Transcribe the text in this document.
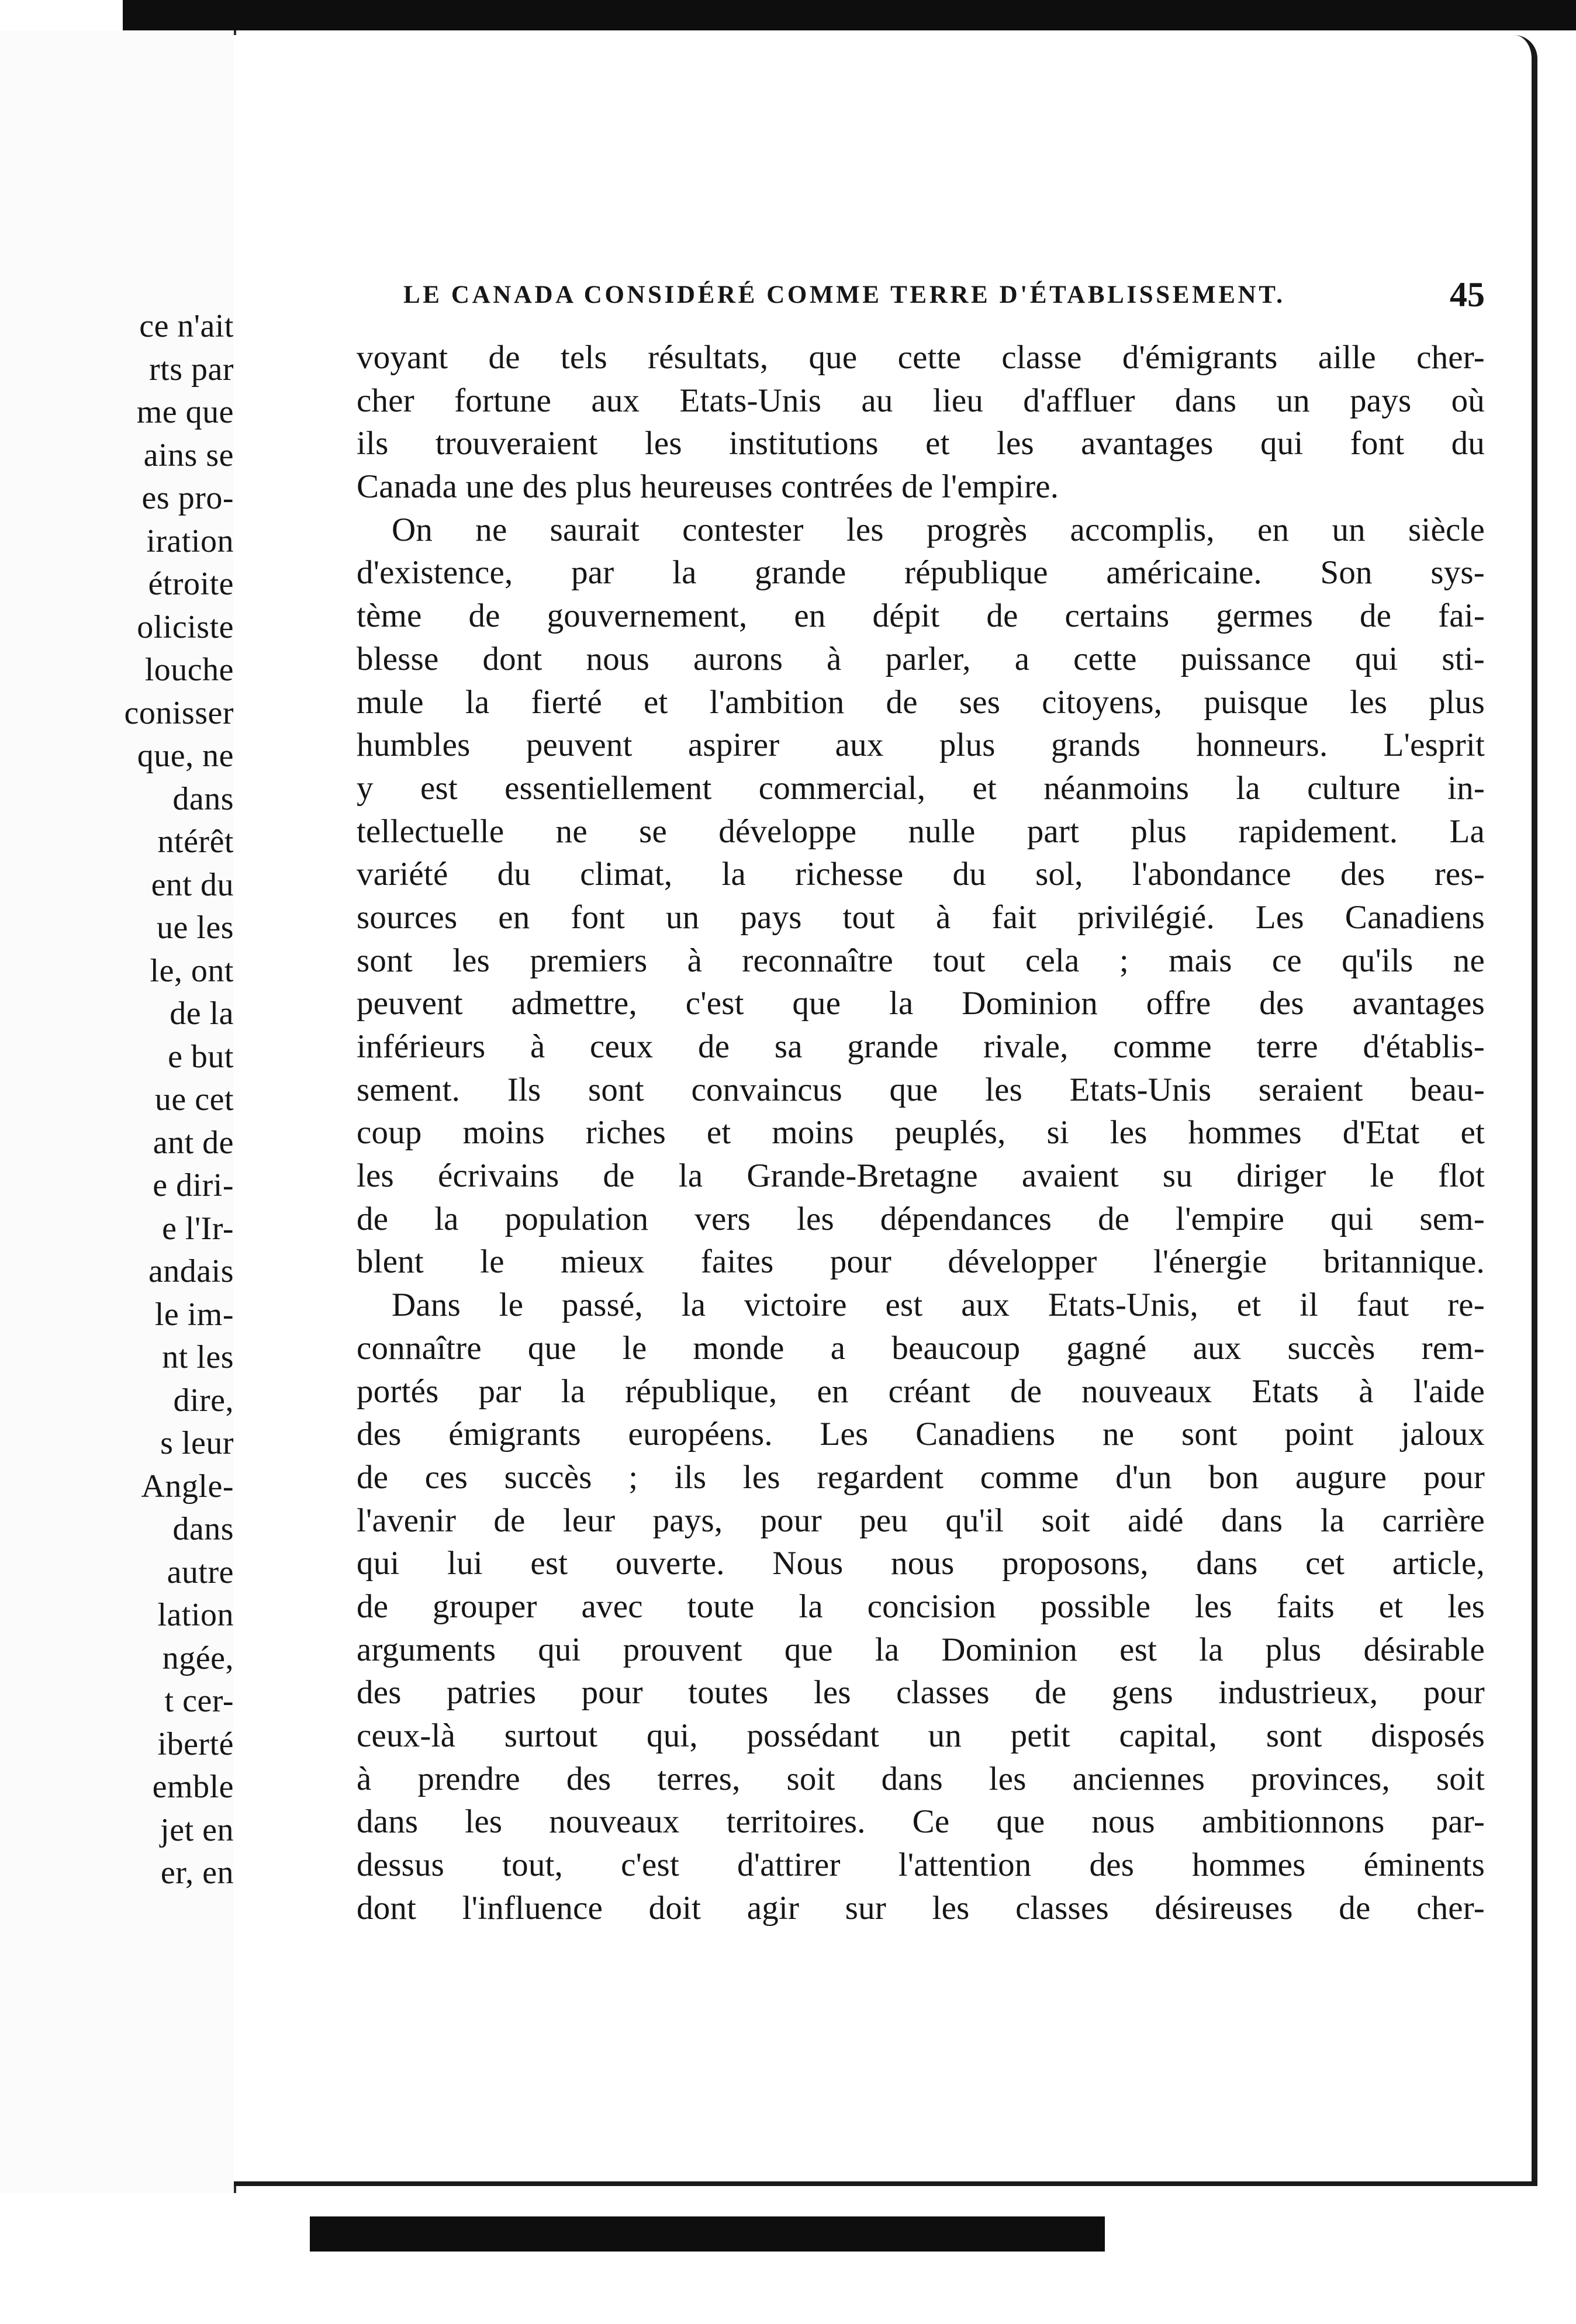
ce n'ait
rts par
me que
ains se
es pro-
iration
étroite
oliciste
louche
conisser
que, ne
dans
ntérêt
ent du
ue les
le, ont
de la
e but
ue cet
ant de
e diri-
e l'Ir-
andais
le im-
nt les
dire,
s leur
Angle-
dans
autre
lation
ngée,
t cer-
iberté
emble
jet en
er, en
LE CANADA CONSIDÉRÉ COMME TERRE D'ÉTABLISSEMENT.	45
voyant de tels résultats, que cette classe d'émigrants aille cher-
cher fortune aux Etats-Unis au lieu d'affluer dans un pays où
ils trouveraient les institutions et les avantages qui font du
Canada une des plus heureuses contrées de l'empire.
On ne saurait contester les progrès accomplis, en un siècle
d'existence, par la grande république américaine. Son sys-
tème de gouvernement, en dépit de certains germes de fai-
blesse dont nous aurons à parler, a cette puissance qui sti-
mule la fierté et l'ambition de ses citoyens, puisque les plus
humbles peuvent aspirer aux plus grands honneurs. L'esprit
y est essentiellement commercial, et néanmoins la culture in-
tellectuelle ne se développe nulle part plus rapidement. La
variété du climat, la richesse du sol, l'abondance des res-
sources en font un pays tout à fait privilégié. Les Canadiens
sont les premiers à reconnaître tout cela ; mais ce qu'ils ne
peuvent admettre, c'est que la Dominion offre des avantages
inférieurs à ceux de sa grande rivale, comme terre d'établis-
sement. Ils sont convaincus que les Etats-Unis seraient beau-
coup moins riches et moins peuplés, si les hommes d'Etat et
les écrivains de la Grande-Bretagne avaient su diriger le flot
de la population vers les dépendances de l'empire qui sem-
blent le mieux faites pour développer l'énergie britannique.
Dans le passé, la victoire est aux Etats-Unis, et il faut re-
connaître que le monde a beaucoup gagné aux succès rem-
portés par la république, en créant de nouveaux Etats à l'aide
des émigrants européens. Les Canadiens ne sont point jaloux
de ces succès ; ils les regardent comme d'un bon augure pour
l'avenir de leur pays, pour peu qu'il soit aidé dans la carrière
qui lui est ouverte. Nous nous proposons, dans cet article,
de grouper avec toute la concision possible les faits et les
arguments qui prouvent que la Dominion est la plus désirable
des patries pour toutes les classes de gens industrieux, pour
ceux-là surtout qui, possédant un petit capital, sont disposés
à prendre des terres, soit dans les anciennes provinces, soit
dans les nouveaux territoires. Ce que nous ambitionnons par-
dessus tout, c'est d'attirer l'attention des hommes éminents
dont l'influence doit agir sur les classes désireuses de cher-
